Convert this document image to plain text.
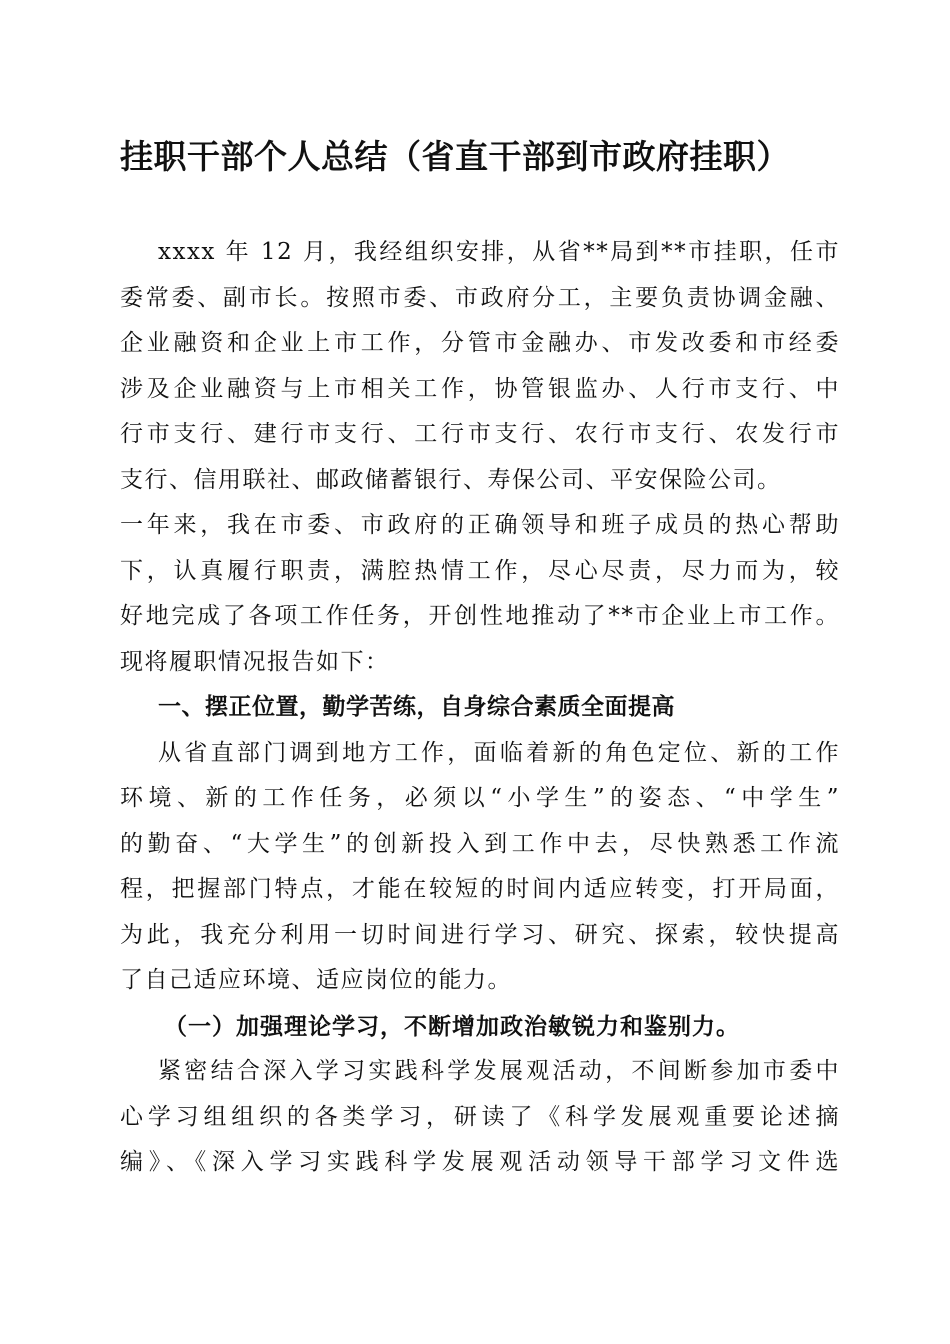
挂职干部个人总结（省直干部到市政府挂职）
xxxx 年 12 月，我经组织安排，从省**局到**市挂职，任市
委常委、副市长。按照市委、市政府分工，主要负责协调金融、
企业融资和企业上市工作，分管市金融办、市发改委和市经委
涉及企业融资与上市相关工作，协管银监办、人行市支行、中
行市支行、建行市支行、工行市支行、农行市支行、农发行市
支行、信用联社、邮政储蓄银行、寿保公司、平安保险公司。
一年来，我在市委、市政府的正确领导和班子成员的热心帮助
下，认真履行职责，满腔热情工作，尽心尽责，尽力而为，较
好地完成了各项工作任务，开创性地推动了**市企业上市工作。
现将履职情况报告如下：
一、摆正位置，勤学苦练，自身综合素质全面提高
从省直部门调到地方工作，面临着新的角色定位、新的工作
环境、新的工作任务，必须以“小学生”的姿态、“中学生”
的勤奋、“大学生”的创新投入到工作中去，尽快熟悉工作流
程，把握部门特点，才能在较短的时间内适应转变，打开局面，
为此，我充分利用一切时间进行学习、研究、探索，较快提高
了自己适应环境、适应岗位的能力。
（一）加强理论学习，不断增加政治敏锐力和鉴别力。
紧密结合深入学习实践科学发展观活动，不间断参加市委中
心学习组组织的各类学习，研读了《科学发展观重要论述摘
编》、《深入学习实践科学发展观活动领导干部学习文件选
